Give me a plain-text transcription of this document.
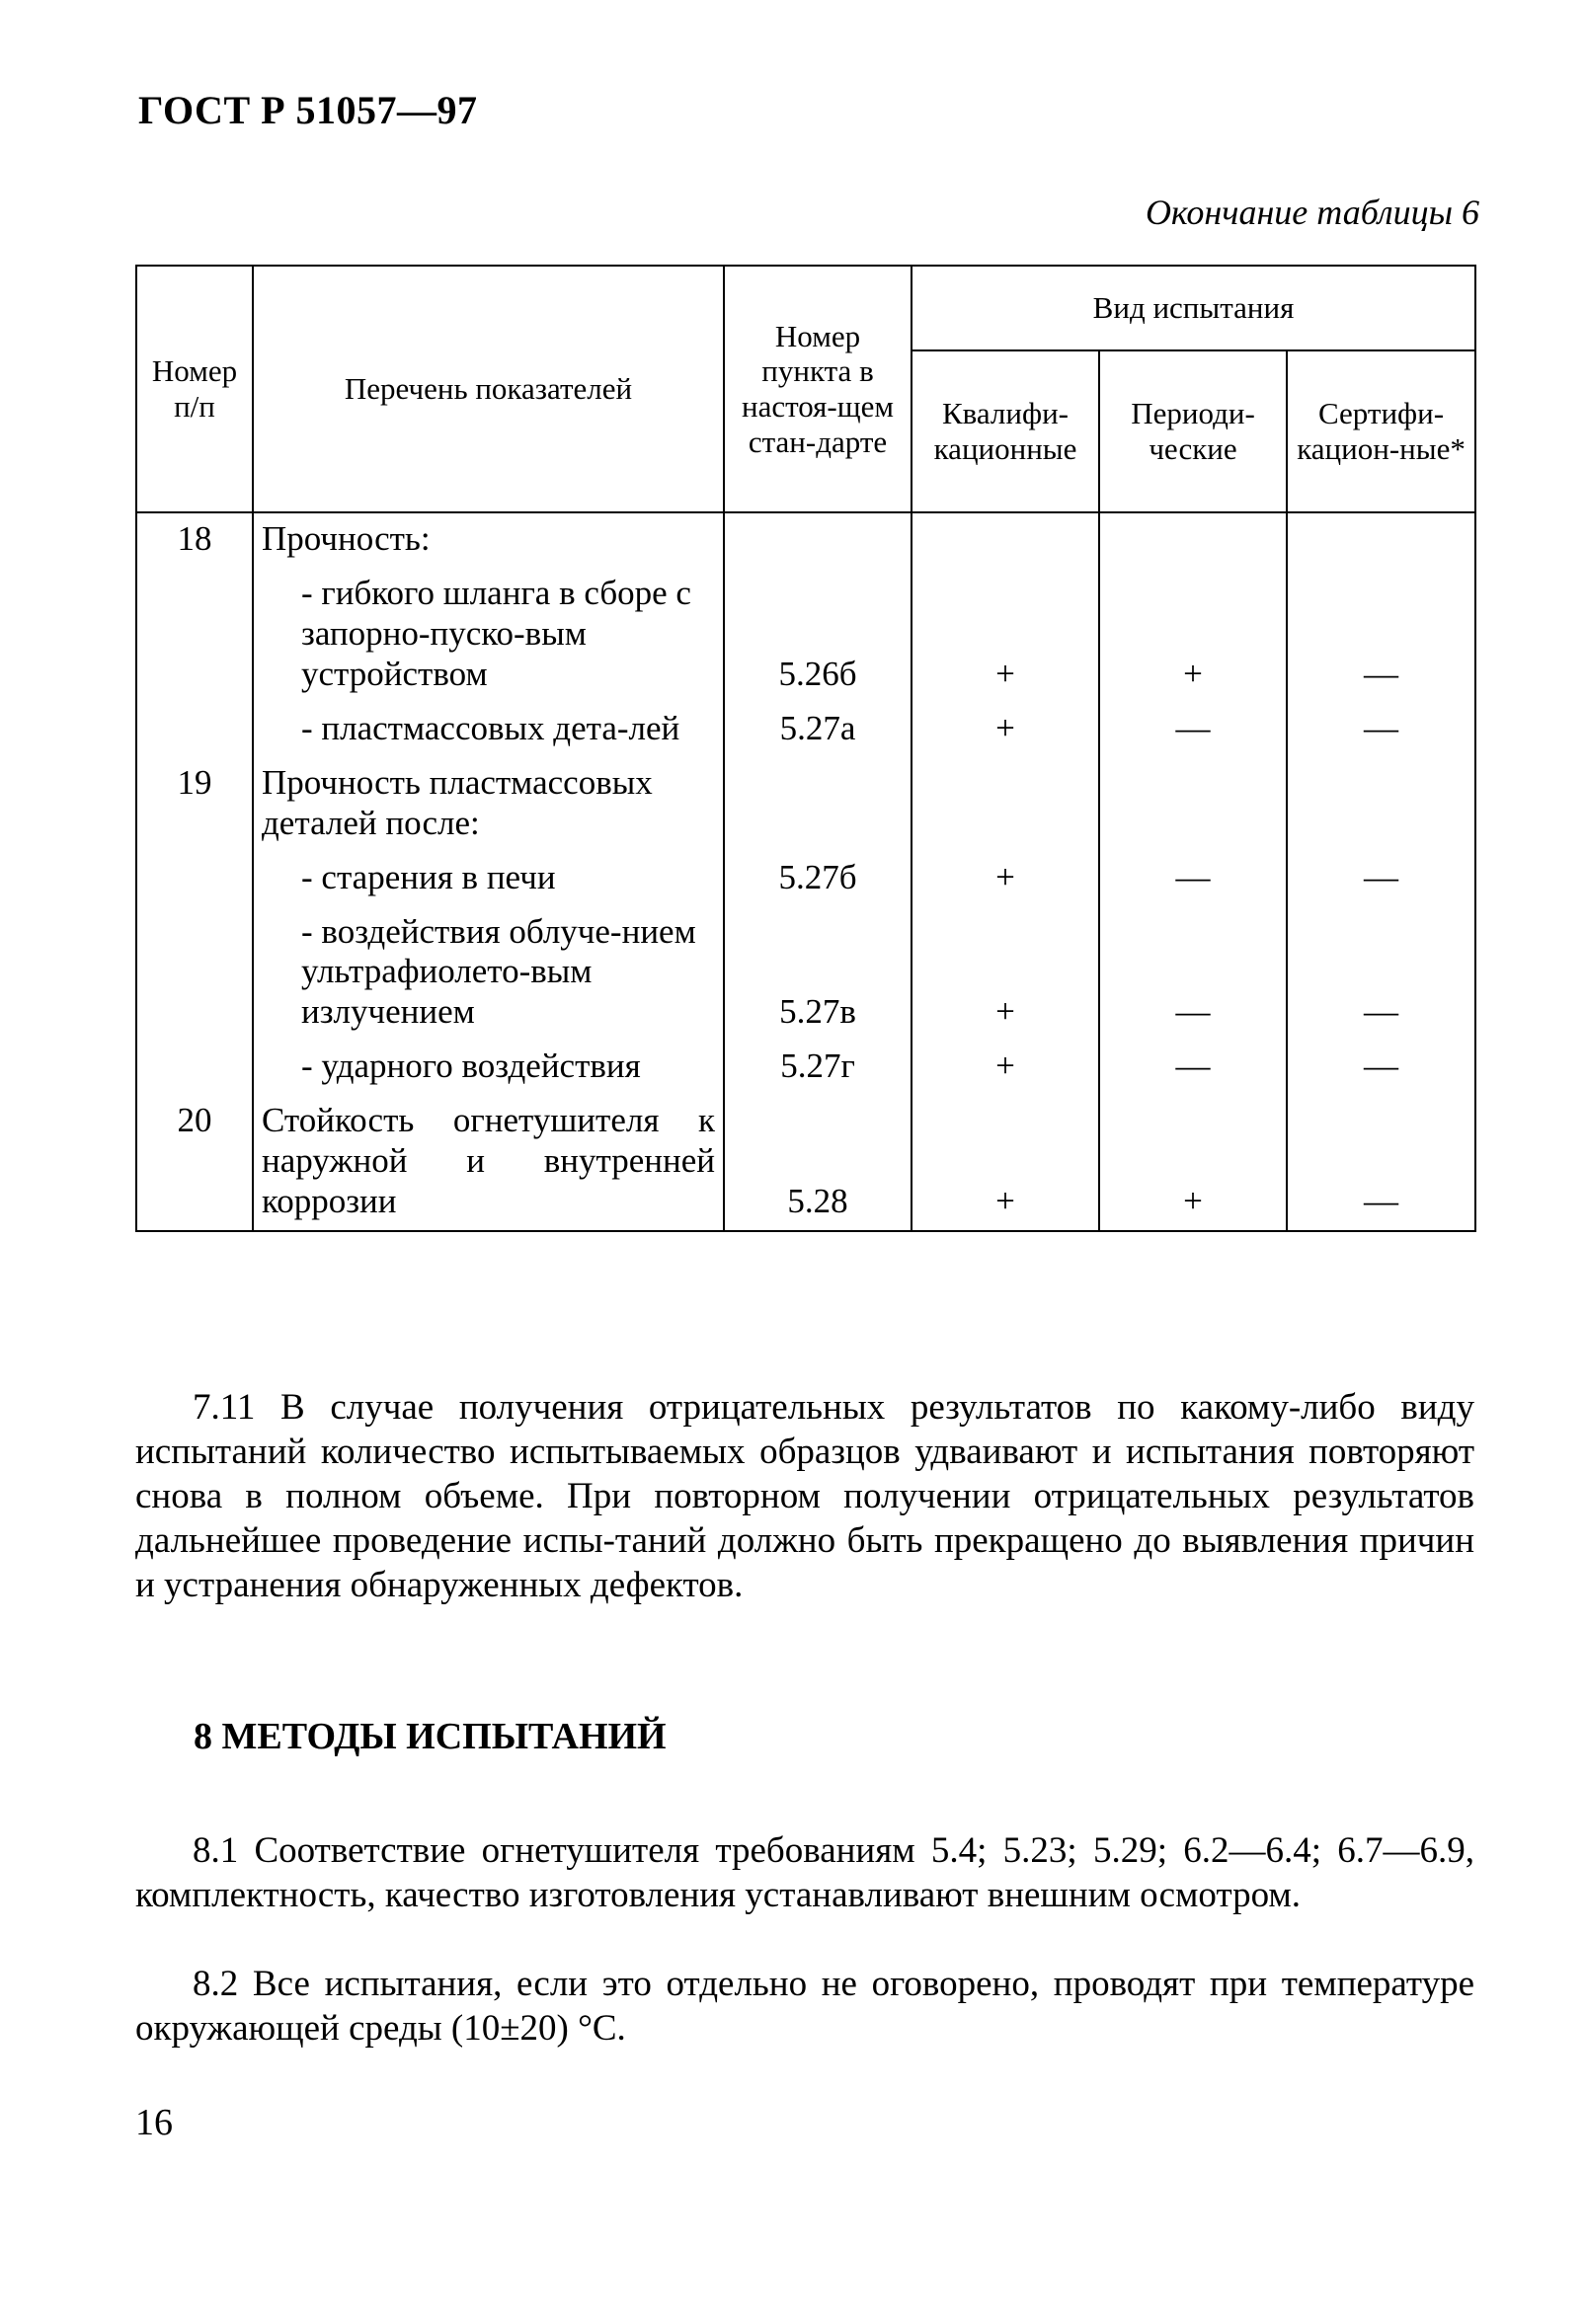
ГОСТ Р 51057—97
Окончание таблицы 6
Номер п/п	Перечень показателей	Номер пункта в настоя-щем стан-дарте	Вид испытания		
			Квалифи-кационные	Периоди-ческие	Сертифи-кацион-ные*
18	Прочность:				
	- гибкого шланга в сборе с запорно-пуско-вым устройством	5.26б	+	+	—
	- пластмассовых дета-лей	5.27а	+	—	—
19	Прочность пластмассовых деталей после:				
	- старения в печи	5.27б	+	—	—
	- воздействия облуче-нием ультрафиолето-вым излучением	5.27в	+	—	—
	- ударного воздействия	5.27г	+	—	—
20	Стойкость огнетушителя к наружной и внутренней коррозии	5.28	+	+	—
7.11 В случае получения отрицательных результатов по какому-либо виду испытаний количество испытываемых образцов удваивают и испытания повторяют снова в полном объеме. При повторном получении отрицательных результатов дальнейшее проведение испы-таний должно быть прекращено до выявления причин и устранения обнаруженных дефектов.
8 МЕТОДЫ ИСПЫТАНИЙ
8.1 Соответствие огнетушителя требованиям 5.4; 5.23; 5.29; 6.2—6.4; 6.7—6.9, комплектность, качество изготовления устанавливают внешним осмотром.
8.2 Все испытания, если это отдельно не оговорено, проводят при температуре окружающей среды (10±20) °С.
16
